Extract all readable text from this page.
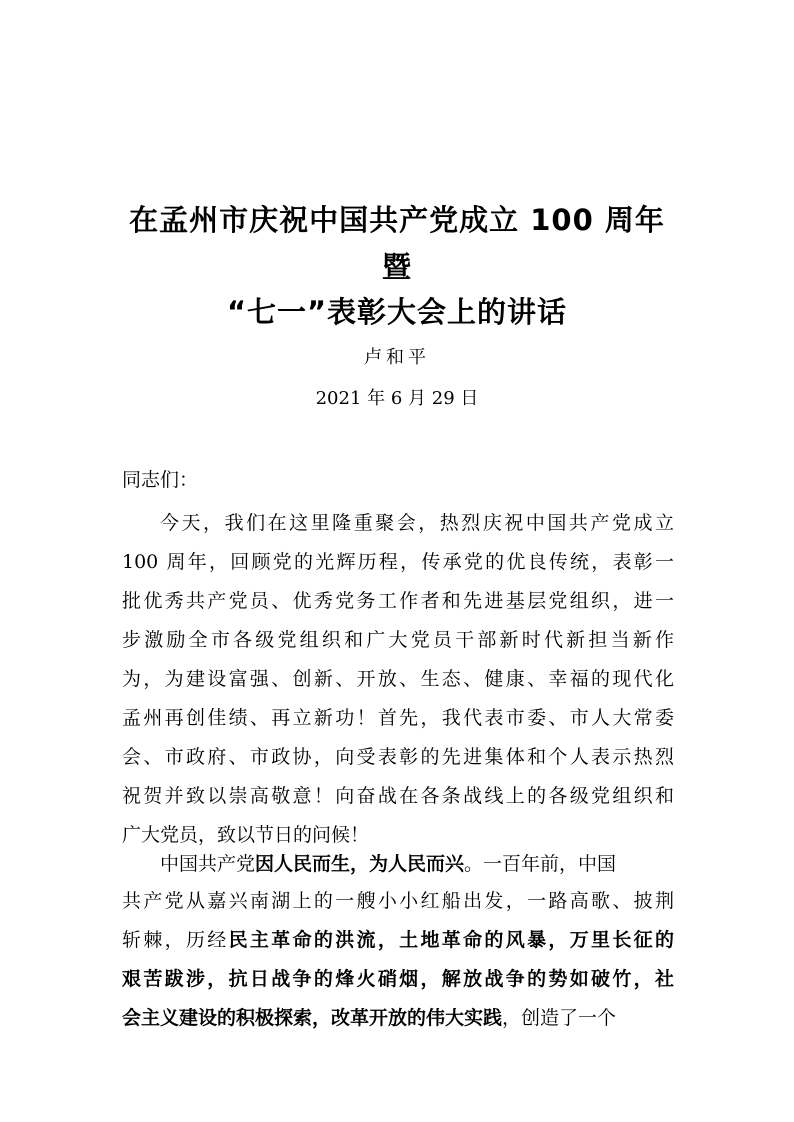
在孟州市庆祝中国共产党成立 100 周年
暨
“七一”表彰大会上的讲话
卢和平
2021 年 6 月 29 日
同志们：
今天，我们在这里隆重聚会，热烈庆祝中国共产党成立
100 周年，回顾党的光辉历程，传承党的优良传统，表彰一
批优秀共产党员、优秀党务工作者和先进基层党组织，进一
步激励全市各级党组织和广大党员干部新时代新担当新作
为，为建设富强、创新、开放、生态、健康、幸福的现代化
孟州再创佳绩、再立新功！首先，我代表市委、市人大常委
会、市政府、市政协，向受表彰的先进集体和个人表示热烈
祝贺并致以崇高敬意！向奋战在各条战线上的各级党组织和
广大党员，致以节日的问候！
中国共产党因人民而生，为人民而兴。一百年前，中国
共产党从嘉兴南湖上的一艘小小红船出发，一路高歌、披荆
斩棘，历经民主革命的洪流，土地革命的风暴，万里长征的
艰苦跋涉，抗日战争的烽火硝烟，解放战争的势如破竹，社
会主义建设的积极探索，改革开放的伟大实践，创造了一个
